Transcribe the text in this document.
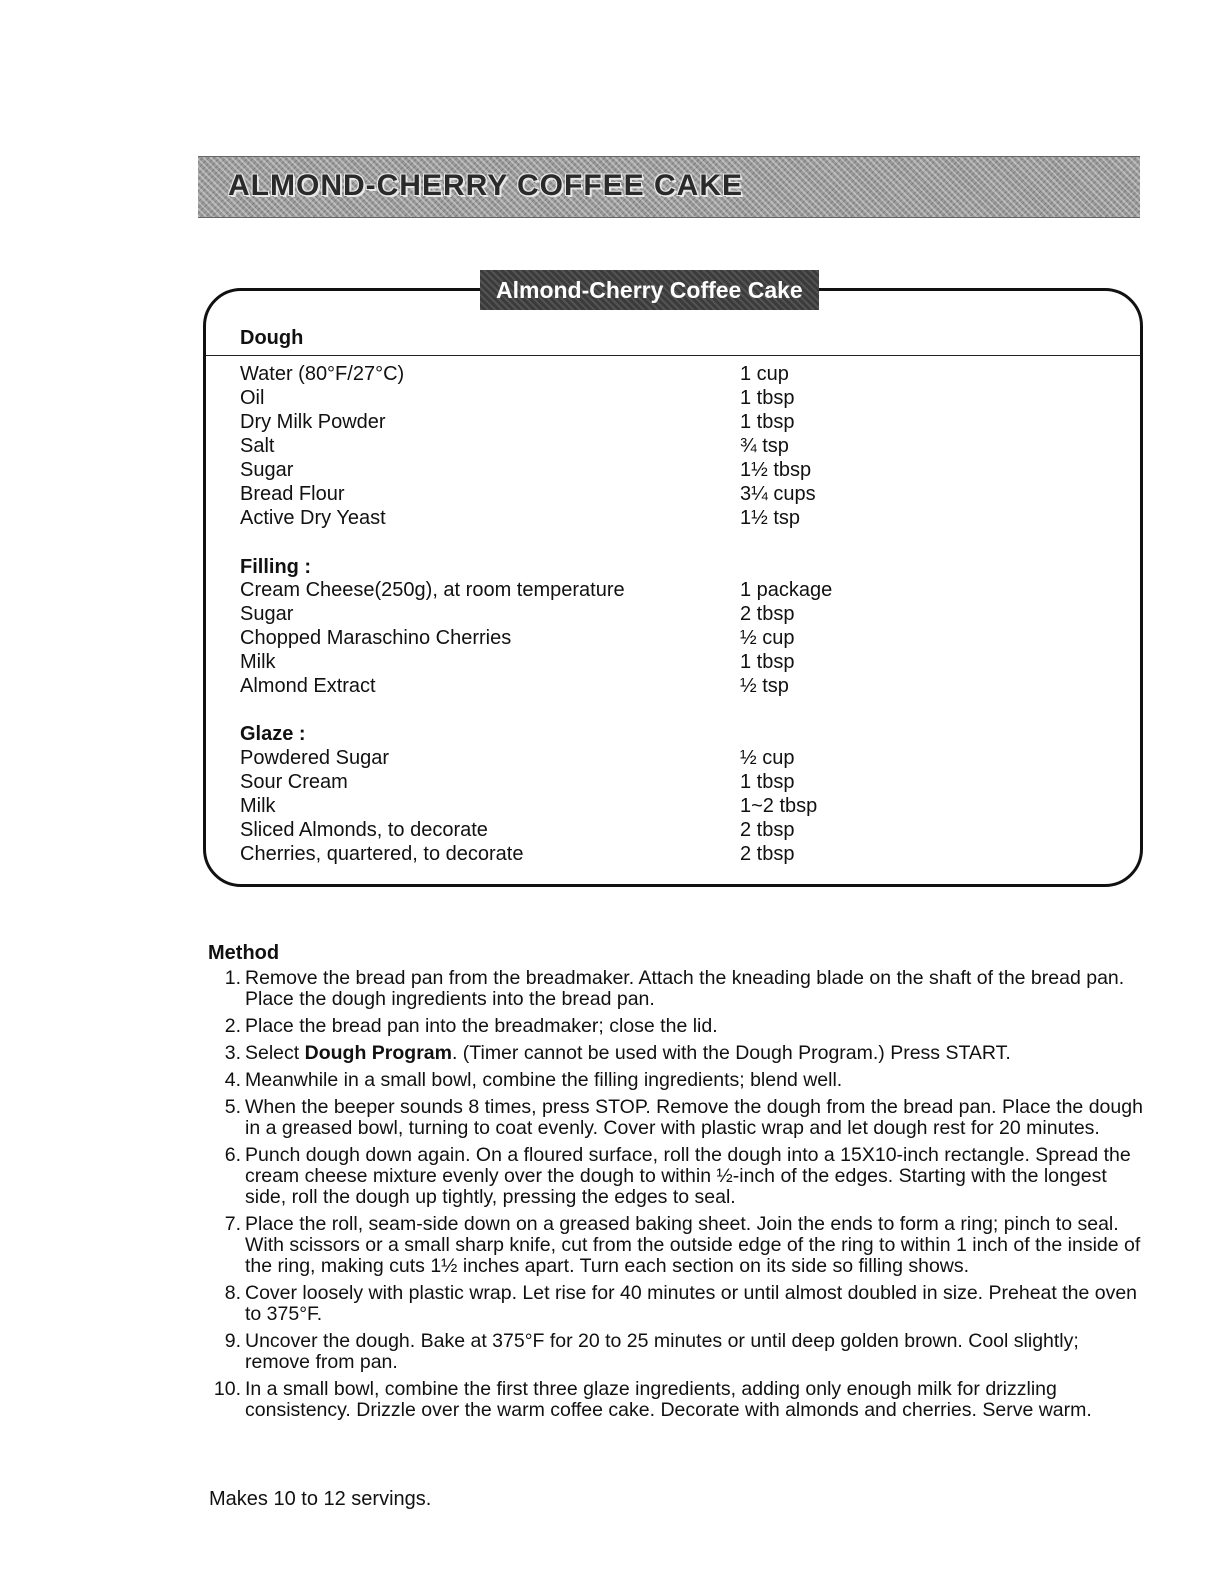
ALMOND-CHERRY COFFEE CAKE
Almond-Cherry Coffee Cake
Dough
Water (80°F/27°C)	1 cup
Oil	1 tbsp
Dry Milk Powder	1 tbsp
Salt	¾ tsp
Sugar	1½ tbsp
Bread Flour	3¼ cups
Active Dry Yeast	1½ tsp
Filling :
Cream Cheese(250g), at room temperature	1 package
Sugar	2 tbsp
Chopped Maraschino Cherries	½ cup
Milk	1 tbsp
Almond Extract	½ tsp
Glaze :
Powdered Sugar	½ cup
Sour Cream	1 tbsp
Milk	1~2 tbsp
Sliced Almonds, to decorate	2 tbsp
Cherries, quartered, to decorate	2 tbsp
Method
1 . Remove the bread pan from the breadmaker. Attach the kneading blade on the shaft of the bread pan. Place the dough ingredients into the bread pan.
2 . Place the bread pan into the breadmaker; close the lid.
3 . Select Dough Program. (Timer cannot be used with the Dough Program.) Press START.
4 . Meanwhile in a small bowl, combine the filling ingredients; blend well.
5 . When the beeper sounds 8 times, press STOP. Remove the dough from the bread pan. Place the dough in a greased bowl, turning to coat evenly. Cover with plastic wrap and let dough rest for 20 minutes.
6 . Punch dough down again. On a floured surface, roll the dough into a 15X10-inch rectangle. Spread the cream cheese mixture evenly over the dough to within ½-inch of the edges. Starting with the longest side, roll the dough up tightly, pressing the edges to seal.
7 . Place the roll, seam-side down on a greased baking sheet. Join the ends to form a ring; pinch to seal. With scissors or a small sharp knife, cut from the outside edge of the ring to within 1 inch of the inside of the ring, making cuts 1½ inches apart. Turn each section on its side so filling shows.
8 . Cover loosely with plastic wrap. Let rise for 40 minutes or until almost doubled in size. Preheat the oven to 375°F.
9 . Uncover the dough. Bake at 375°F for 20 to 25 minutes or until deep golden brown. Cool slightly; remove from pan.
10 . In a small bowl, combine the first three glaze ingredients, adding only enough milk for drizzling consistency. Drizzle over the warm coffee cake. Decorate with almonds and cherries. Serve warm.
Makes 10 to 12 servings.
